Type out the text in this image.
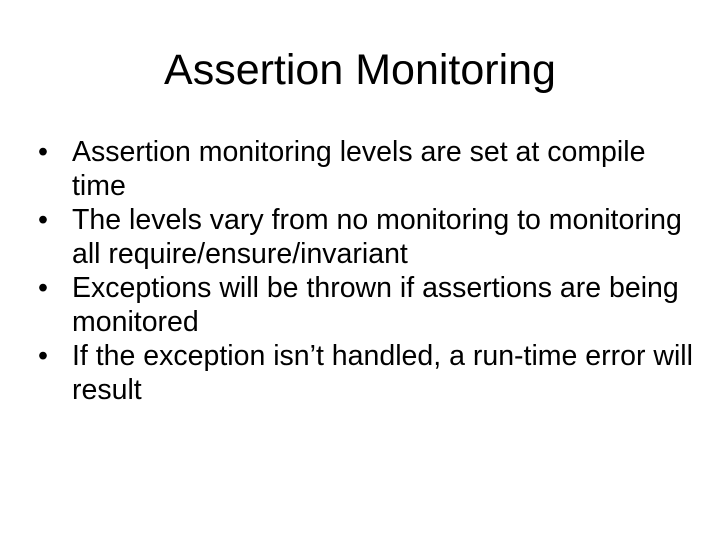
Assertion Monitoring
• Assertion monitoring levels are set at compile time
• The levels vary from no monitoring to monitoring all require/ensure/invariant
• Exceptions will be thrown if assertions are being monitored
• If the exception isn’t handled, a run-time error will result
